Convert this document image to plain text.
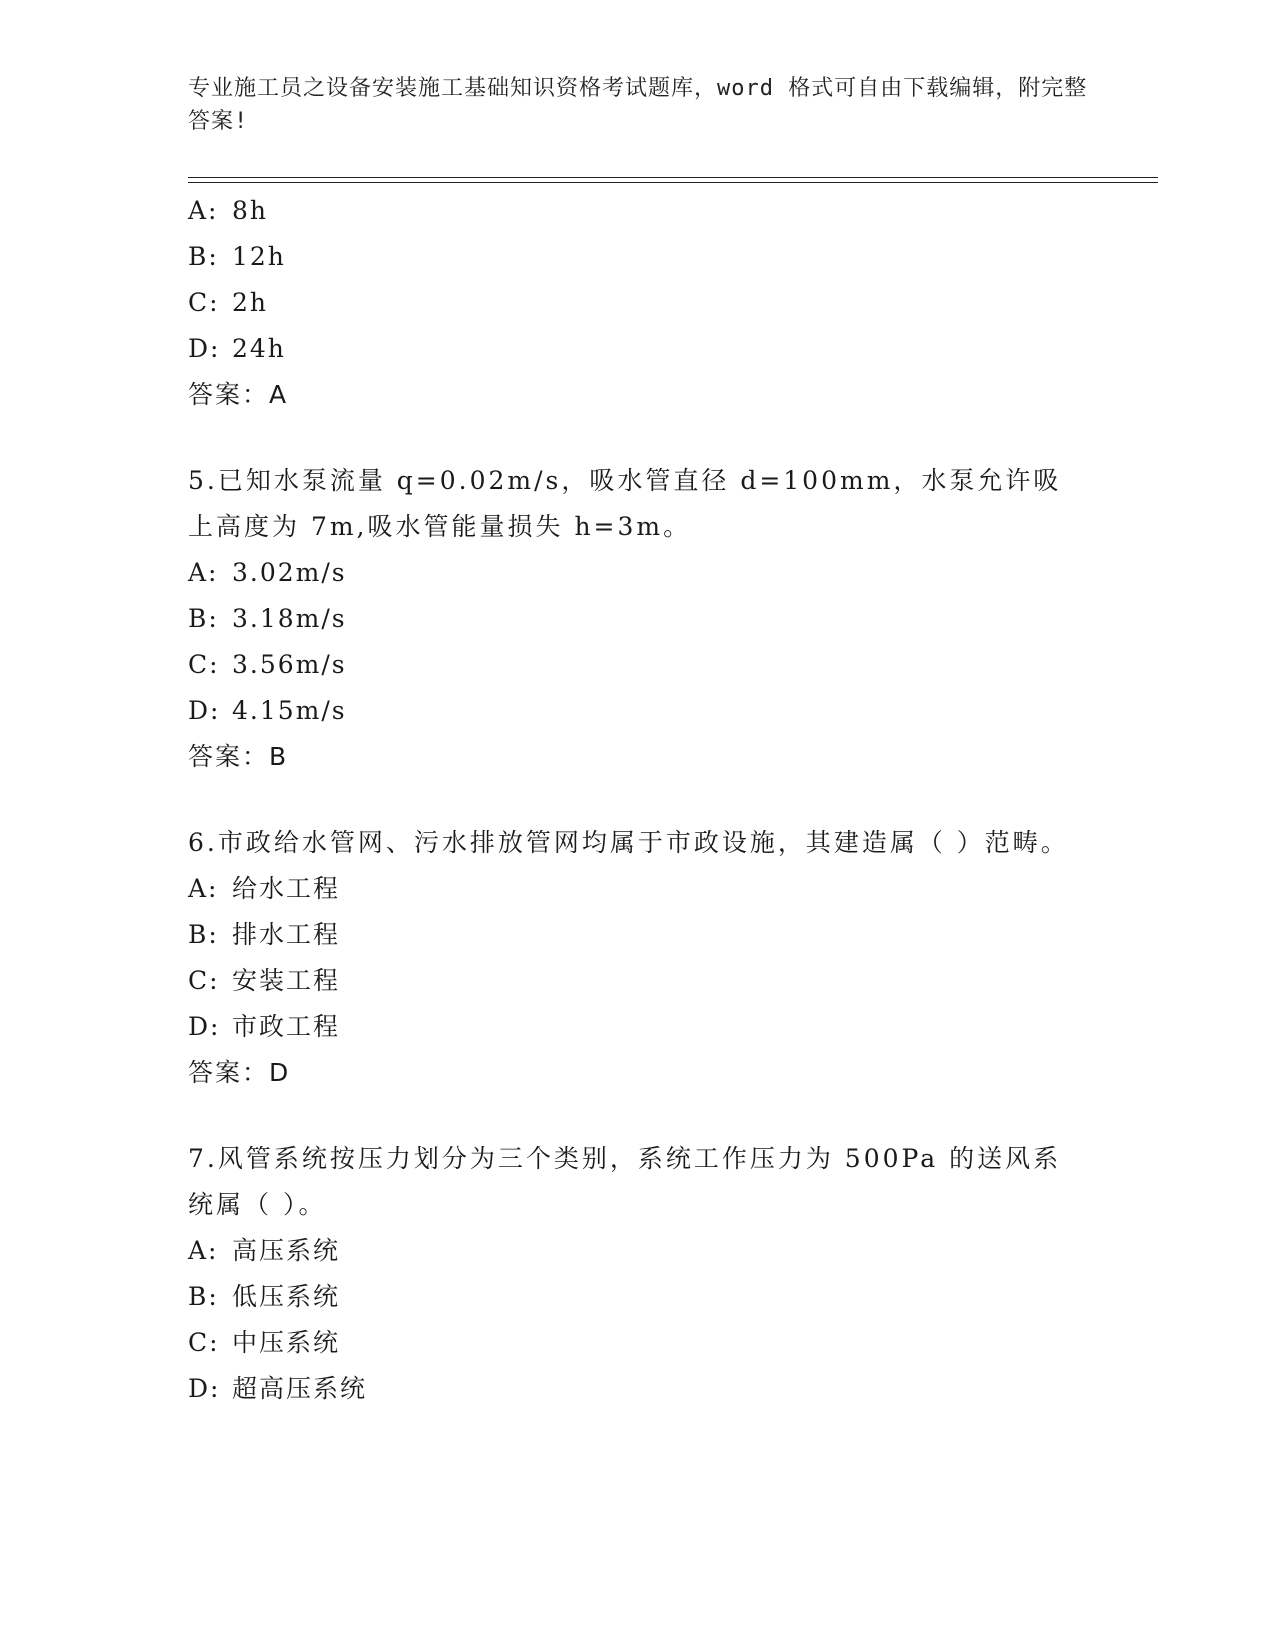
专业施工员之设备安装施工基础知识资格考试题库，word 格式可自由下载编辑，附完整答案!
A: 8h
B: 12h
C: 2h
D: 24h
答案：A
5.已知水泵流量 q=0.02m/s，吸水管直径 d=100mm，水泵允许吸上高度为 7m,吸水管能量损失 h=3m。
A: 3.02m/s
B: 3.18m/s
C: 3.56m/s
D: 4.15m/s
答案：B
6.市政给水管网、污水排放管网均属于市政设施，其建造属（ ）范畴。
A: 给水工程
B: 排水工程
C: 安装工程
D: 市政工程
答案：D
7.风管系统按压力划分为三个类别，系统工作压力为 500Pa 的送风系统属（ ）。
A: 高压系统
B: 低压系统
C: 中压系统
D: 超高压系统
